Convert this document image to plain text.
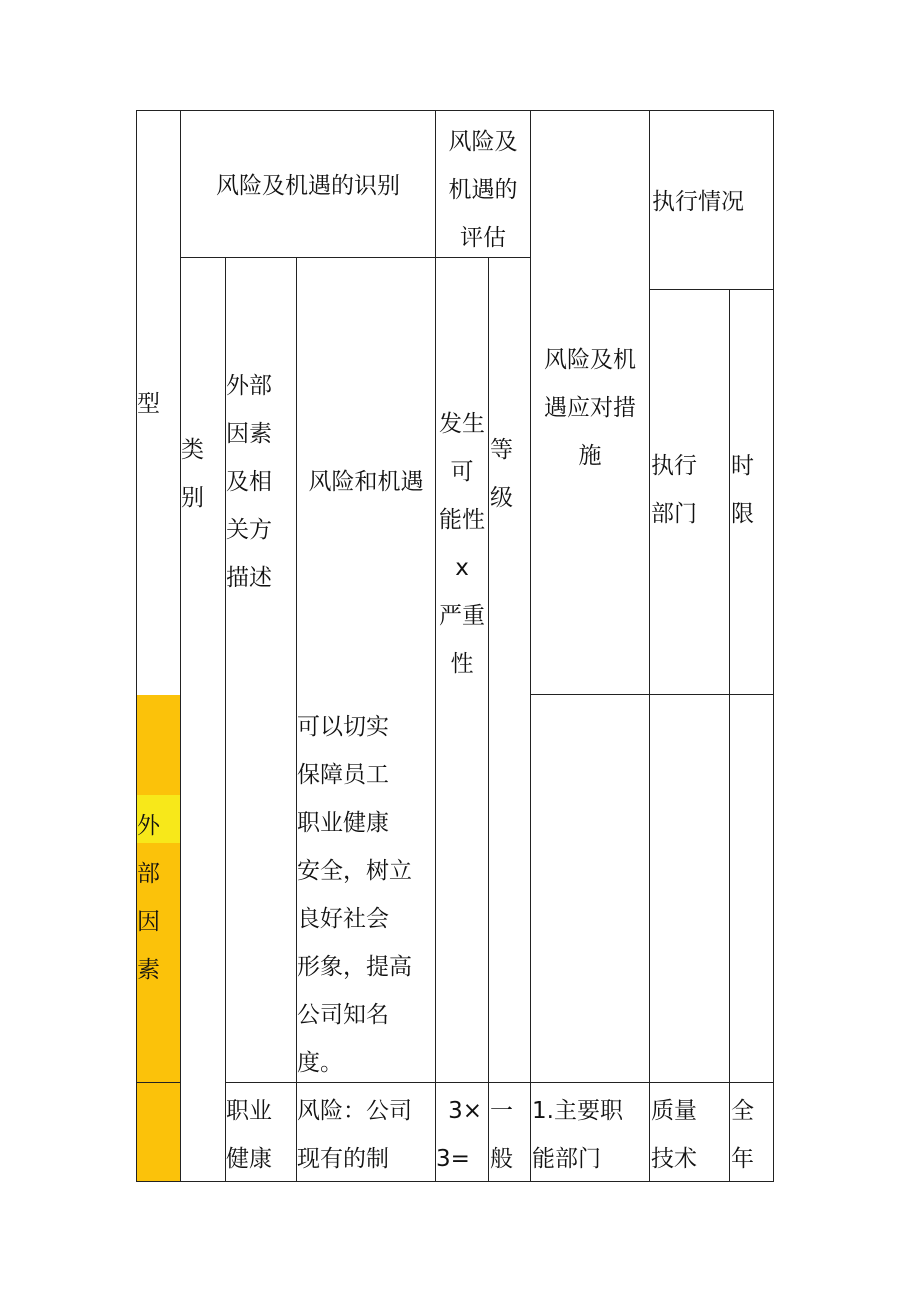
型
风险及机遇的识别
风险及
机遇的
评估
执行情况
类
别
外部
因素
及相
关方
描述
风险和机遇
发生
可
能性
x
严重
性
等
级
风险及机
遇应对措
施	执行
部门
时
限
外
部
因
素
可以切实
保障员工
职业健康
安全，树立
良好社会
形象，提高
公司知名
度。
职业
健康
风险：公司
现有的制
3×
3=
一
般
1.主要职
能部门
质量
技术
全
年
